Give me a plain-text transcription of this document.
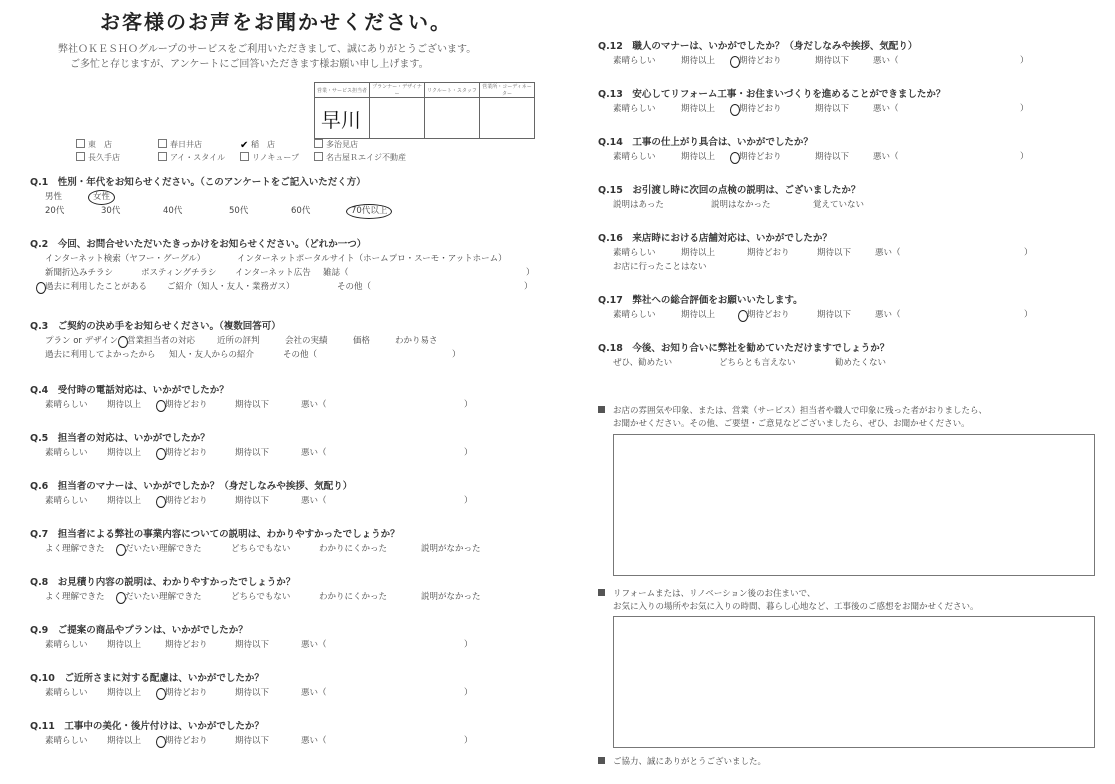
お客様のお声をお聞かせください。
弊社ＯＫＥＳＨＯグループのサービスをご利用いただきまして、誠にありがとうございます。
ご多忙と存じますが、アンケートにご回答いただきます様お願い申し上げます。
営業・サービス担当者	プランナー・デザイナー	リクルート・スタッフ	営業所・コーディネーター
早川			
東　店	春日井店	✔ 稲　店	多治見店
長久手店	アイ・スタイル	リノキューブ	名古屋Ｒエイジ不動産
Q.1　性別・年代をお知らせください。（このアンケートをご記入いただく方）
男性	女性
20代	30代	40代	50代	60代	70代以上
Q.2　今回、お問合せいただいたきっかけをお知らせください。（どれか一つ）
インターネット検索（ヤフー・グーグル）	インターネットポータルサイト（ホームプロ・スーモ・アットホーム）
新聞折込みチラシ	ポスティングチラシ	インターネット広告	雑誌（	）
過去に利用したことがある	ご紹介（知人・友人・業務ガス）	その他（	）
Q.3　ご契約の決め手をお知らせください。（複数回答可）
プラン or デザイン	営業担当者の対応	近所の評判	会社の実績	価格	わかり易さ
過去に利用してよかったから	知人・友人からの紹介	その他（	）
Q.4　受付時の電話対応は、いかがでしたか？
素晴らしい	期待以上	期待どおり	期待以下	悪い（	）
Q.5　担当者の対応は、いかがでしたか？
素晴らしい	期待以上	期待どおり	期待以下	悪い（	）
Q.6　担当者のマナーは、いかがでしたか？（身だしなみや挨拶、気配り）
素晴らしい	期待以上	期待どおり	期待以下	悪い（	）
Q.7　担当者による弊社の事業内容についての説明は、わかりやすかったでしょうか？
よく理解できた	だいたい理解できた	どちらでもない	わかりにくかった	説明がなかった
Q.8　お見積り内容の説明は、わかりやすかったでしょうか？
よく理解できた	だいたい理解できた	どちらでもない	わかりにくかった	説明がなかった
Q.9　ご提案の商品やプランは、いかがでしたか？
素晴らしい	期待以上	期待どおり	期待以下	悪い（	）
Q.10　ご近所さまに対する配慮は、いかがでしたか？
素晴らしい	期待以上	期待どおり	期待以下	悪い（	）
Q.11　工事中の美化・後片付けは、いかがでしたか？
素晴らしい	期待以上	期待どおり	期待以下	悪い（	）
Q.12　職人のマナーは、いかがでしたか？（身だしなみや挨拶、気配り）
素晴らしい	期待以上	期待どおり	期待以下	悪い（	）
Q.13　安心してリフォーム工事・お住まいづくりを進めることができましたか？
素晴らしい	期待以上	期待どおり	期待以下	悪い（	）
Q.14　工事の仕上がり具合は、いかがでしたか？
素晴らしい	期待以上	期待どおり	期待以下	悪い（	）
Q.15　お引渡し時に次回の点検の説明は、ございましたか？
説明はあった	説明はなかった	覚えていない
Q.16　来店時における店舗対応は、いかがでしたか？
素晴らしい	期待以上	期待どおり	期待以下	悪い（	）
お店に行ったことはない
Q.17　弊社への総合評価をお願いいたします。
素晴らしい	期待以上	期待どおり	期待以下	悪い（	）
Q.18　今後、お知り合いに弊社を勧めていただけますでしょうか？
ぜひ、勧めたい	どちらとも言えない	勧めたくない
お店の雰囲気や印象、または、営業（サービス）担当者や職人で印象に残った者がおりましたら、
お聞かせください。その他、ご要望・ご意見などございましたら、ぜひ、お聞かせください。
リフォームまたは、リノベーション後のお住まいで、
お気に入りの場所やお気に入りの時間、暮らし心地など、工事後のご感想をお聞かせください。
ご協力、誠にありがとうございました。
